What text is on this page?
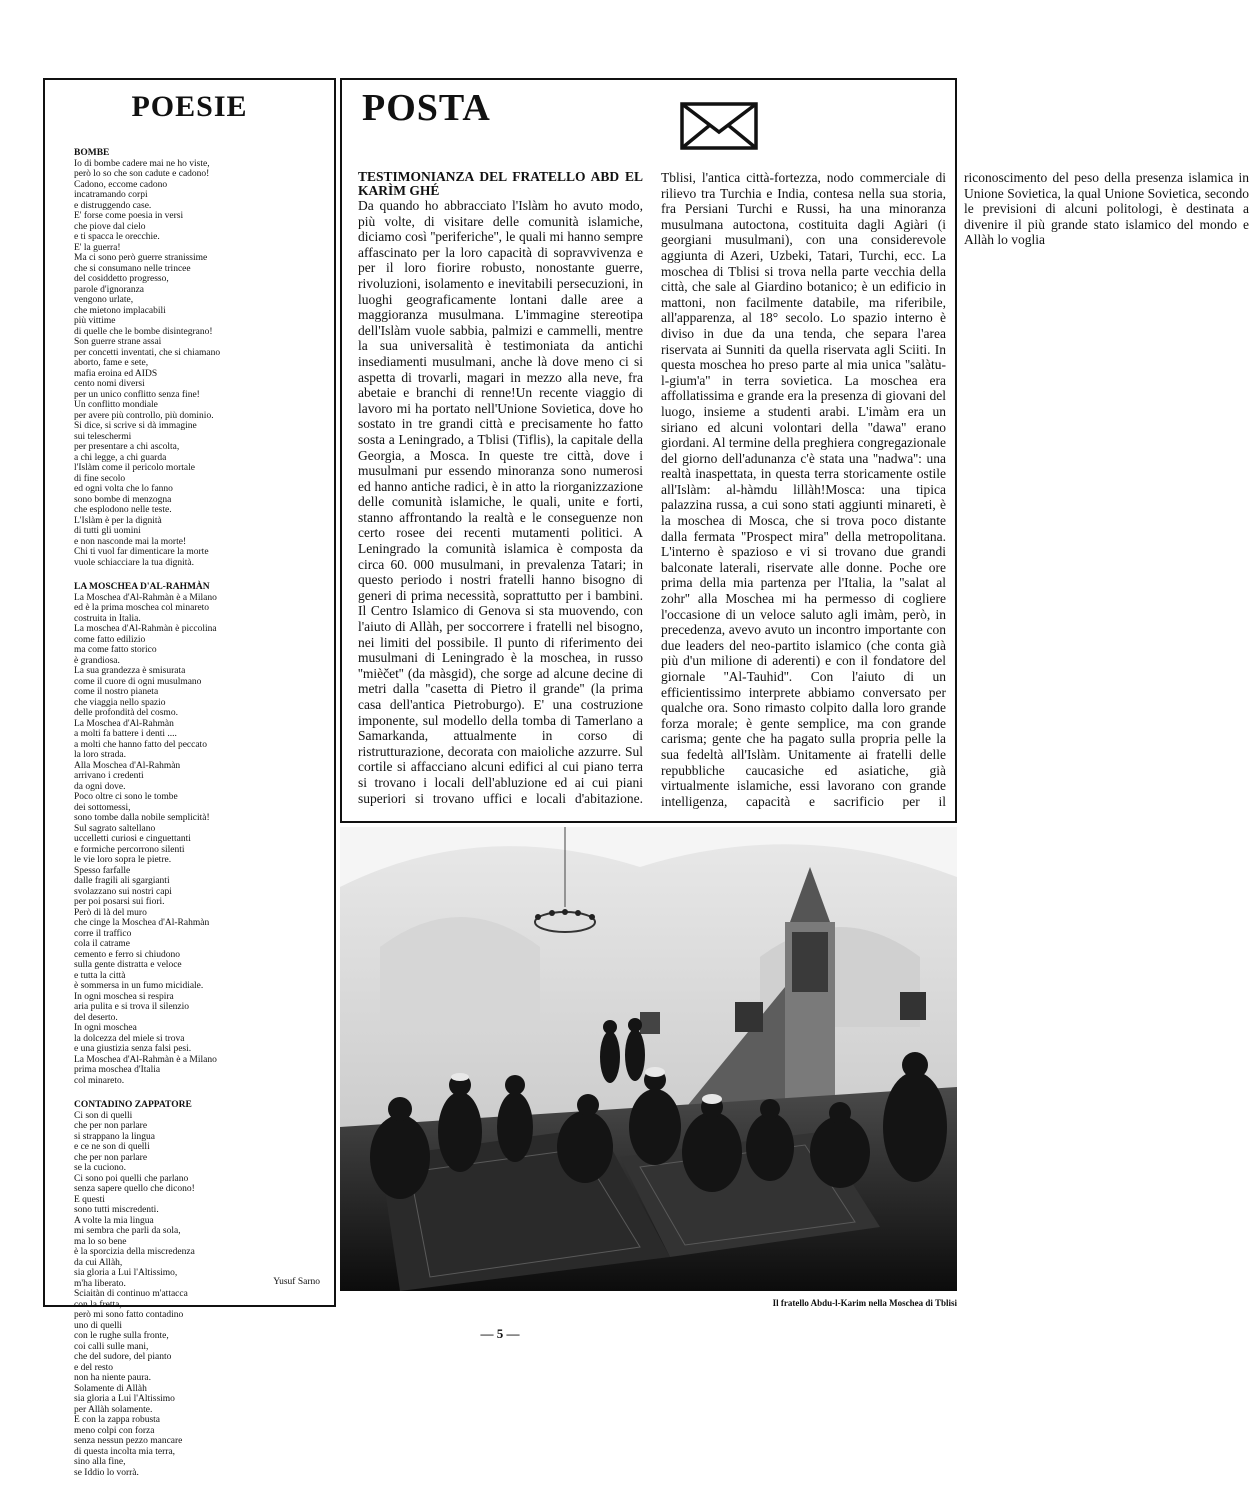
POESIE
BOMBE
Io di bombe cadere mai ne ho viste,
però lo so che son cadute e cadono!
Cadono, eccome cadono
incatramando corpi
e distruggendo case.
E' forse come poesia in versi
che piove dal cielo
e ti spacca le orecchie.
E' la guerra!
Ma ci sono però guerre stranissime
che si consumano nelle trincee
del cosiddetto progresso,
parole d'ignoranza
vengono urlate,
che mietono implacabili
più vittime
di quelle che le bombe disintegrano!
Son guerre strane assai
per concetti inventati, che si chiamano
aborto, fame e sete,
mafia eroina ed AIDS
cento nomi diversi
per un unico conflitto senza fine!
Un conflitto mondiale
per avere più controllo, più dominio.
Si dice, si scrive si dà immagine
sui teleschermi
per presentare a chi ascolta,
a chi legge, a chi guarda
l'Islàm come il pericolo mortale
di fine secolo
ed ogni volta che lo fanno
sono bombe di menzogna
che esplodono nelle teste.
L'Islàm è per la dignità
di tutti gli uomini
e non nasconde mai la morte!
Chi ti vuol far dimenticare la morte
vuole schiacciare la tua dignità.
LA MOSCHEA D'AL-RAHMÀN
La Moschea d'Al-Rahmàn è a Milano
ed è la prima moschea col minareto
costruita in Italia.
La moschea d'Al-Rahmàn è piccolina
come fatto edilizio
ma come fatto storico
è grandiosa.
La sua grandezza è smisurata
come il cuore di ogni musulmano
come il nostro pianeta
che viaggia nello spazio
delle profondità del cosmo.
La Moschea d'Al-Rahmàn
a molti fa battere i denti ....
a molti che hanno fatto del peccato
la loro strada.
Alla Moschea d'Al-Rahmàn
arrivano i credenti
da ogni dove.
Poco oltre ci sono le tombe
dei sottomessi,
sono tombe dalla nobile semplicità!
Sul sagrato saltellano
uccelletti curiosi e cinguettanti
e formiche percorrono silenti
le vie loro sopra le pietre.
Spesso farfalle
dalle fragili ali sgargianti
svolazzano sui nostri capi
per poi posarsi sui fiori.
Però di là del muro
che cinge la Moschea d'Al-Rahmàn
corre il traffico
cola il catrame
cemento e ferro si chiudono
sulla gente distratta e veloce
e tutta la città
è sommersa in un fumo micidiale.
In ogni moschea si respira
aria pulita e si trova il silenzio
del deserto.
In ogni moschea
la dolcezza del miele si trova
e una giustizia senza falsi pesi.
La Moschea d'Al-Rahmàn è a Milano
prima moschea d'Italia
col minareto.
CONTADINO ZAPPATORE
Ci son di quelli
che per non parlare
si strappano la lingua
e ce ne son di quelli
che per non parlare
se la cuciono.
Ci sono poi quelli che parlano
senza sapere quello che dicono!
E questi
sono tutti miscredenti.
A volte la mia lingua
mi sembra che parli da sola,
ma lo so bene
è la sporcizia della miscredenza
da cui Allàh,
sia gloria a Lui l'Altissimo,
m'ha liberato.
Sciaitàn di continuo m'attacca
con la fretta,
però mi sono fatto contadino
uno di quelli
con le rughe sulla fronte,
coi calli sulle mani,
che del sudore, del pianto
e del resto
non ha niente paura.
Solamente di Allàh
sia gloria a Lui l'Altissimo
per Allàh solamente.
E con la zappa robusta
meno colpi con forza
senza nessun pezzo mancare
di questa incolta mia terra,
sino alla fine,
se Iddio lo vorrà.
Yusuf Sarno
POSTA

TESTIMONIANZA DEL FRATELLO ABD EL KARÌM GHÉ

Da quando ho abbracciato l'Islàm ho avuto modo, più volte, di visitare delle comunità islamiche, diciamo così ''periferiche'', le quali mi hanno sempre affascinato per la loro capacità di sopravvivenza e per il loro fiorire robusto, nonostante guerre, rivoluzioni, isolamento e inevitabili persecuzioni, in luoghi geograficamente lontani dalle aree a maggioranza musulmana. L'immagine stereotipa dell'Islàm vuole sabbia, palmizi e cammelli, mentre la sua universalità è testimoniata da antichi insediamenti musulmani, anche là dove meno ci si aspetta di trovarli, magari in mezzo alla neve, fra abetaie e branchi di renne!Un recente viaggio di lavoro mi ha portato nell'Unione Sovietica, dove ho sostato in tre grandi città e precisamente ho fatto sosta a Leningrado, a Tblisi (Tiflis), la capitale della Georgia, a Mosca. In queste tre città, dove i musulmani pur essendo minoranza sono numerosi ed hanno antiche radici, è in atto la riorganizzazione delle comunità islamiche, le quali, unite e forti, stanno affrontando la realtà e le conseguenze non certo rosee dei recenti mutamenti politici. A Leningrado la comunità islamica è composta da circa 60. 000 musulmani, in prevalenza Tatari; in questo periodo i nostri fratelli hanno bisogno di generi di prima necessità, soprattutto per i bambini. Il Centro Islamico di Genova si sta muovendo, con l'aiuto di Allàh, per soccorrere i fratelli nel bisogno, nei limiti del possibile. Il punto di riferimento dei musulmani di Leningrado è la moschea, in russo ''mièčet'' (da màsgid), che sorge ad alcune decine di metri dalla ''casetta di Pietro il grande'' (la prima casa dell'antica Pietroburgo). E' una costruzione imponente, sul modello della tomba di Tamerlano a Samarkanda, attualmente in corso di ristrutturazione, decorata con maioliche azzurre. Sul cortile si affacciano alcuni edifici al cui piano terra si trovano i locali dell'abluzione ed ai cui piani superiori si trovano uffici e locali d'abitazione. Tblisi, l'antica città-fortezza, nodo commerciale di rilievo tra Turchia e India, contesa nella sua storia, fra Persiani Turchi e Russi, ha una minoranza musulmana autoctona, costituita dagli Agiàri (i georgiani musulmani), con una considerevole aggiunta di Azeri, Uzbeki, Tatari, Turchi, ecc. La moschea di Tblisi si trova nella parte vecchia della città, che sale al Giardino botanico; è un edificio in mattoni, non facilmente databile, ma riferibile, all'apparenza, al 18° secolo. Lo spazio interno è diviso in due da una tenda, che separa l'area riservata ai Sunniti da quella riservata agli Sciiti. In questa moschea ho preso parte al mia unica ''salàtu-l-gium'a'' in terra sovietica. La moschea era affollatissima e grande era la presenza di giovani del luogo, insieme a studenti arabi. L'imàm era un siriano ed alcuni volontari della ''dawa'' erano giordani. Al termine della preghiera congregazionale del giorno dell'adunanza c'è stata una ''nadwa'': una realtà inaspettata, in questa terra storicamente ostile all'Islàm: al-hàmdu lillàh!Mosca: una tipica palazzina russa, a cui sono stati aggiunti minareti, è la moschea di Mosca, che si trova poco distante dalla fermata ''Prospect mira'' della metropolitana. L'interno è spazioso e vi si trovano due grandi balconate laterali, riservate alle donne. Poche ore prima della mia partenza per l'Italia, la ''salat al zohr'' alla Moschea mi ha permesso di cogliere l'occasione di un veloce saluto agli imàm, però, in precedenza, avevo avuto un incontro importante con due leaders del neo-partito islamico (che conta già più d'un milione di aderenti) e con il fondatore del giornale ''Al-Tauhid''. Con l'aiuto di un efficientissimo interprete abbiamo conversato per qualche ora. Sono rimasto colpito dalla loro grande forza morale; è gente semplice, ma con grande carisma; gente che ha pagato sulla propria pelle la sua fedeltà all'Islàm. Unitamente ai fratelli delle repubbliche caucasiche ed asiatiche, già virtualmente islamiche, essi lavorano con grande intelligenza, capacità e sacrificio per il riconoscimento del peso della presenza islamica in Unione Sovietica, la qual Unione Sovietica, secondo le previsioni di alcuni politologi, è destinata a divenire il più grande stato islamico del mondo e Allàh lo voglia

Il fratello Abdu-l-Karim nella Moschea di Tblisi
— 5 —
